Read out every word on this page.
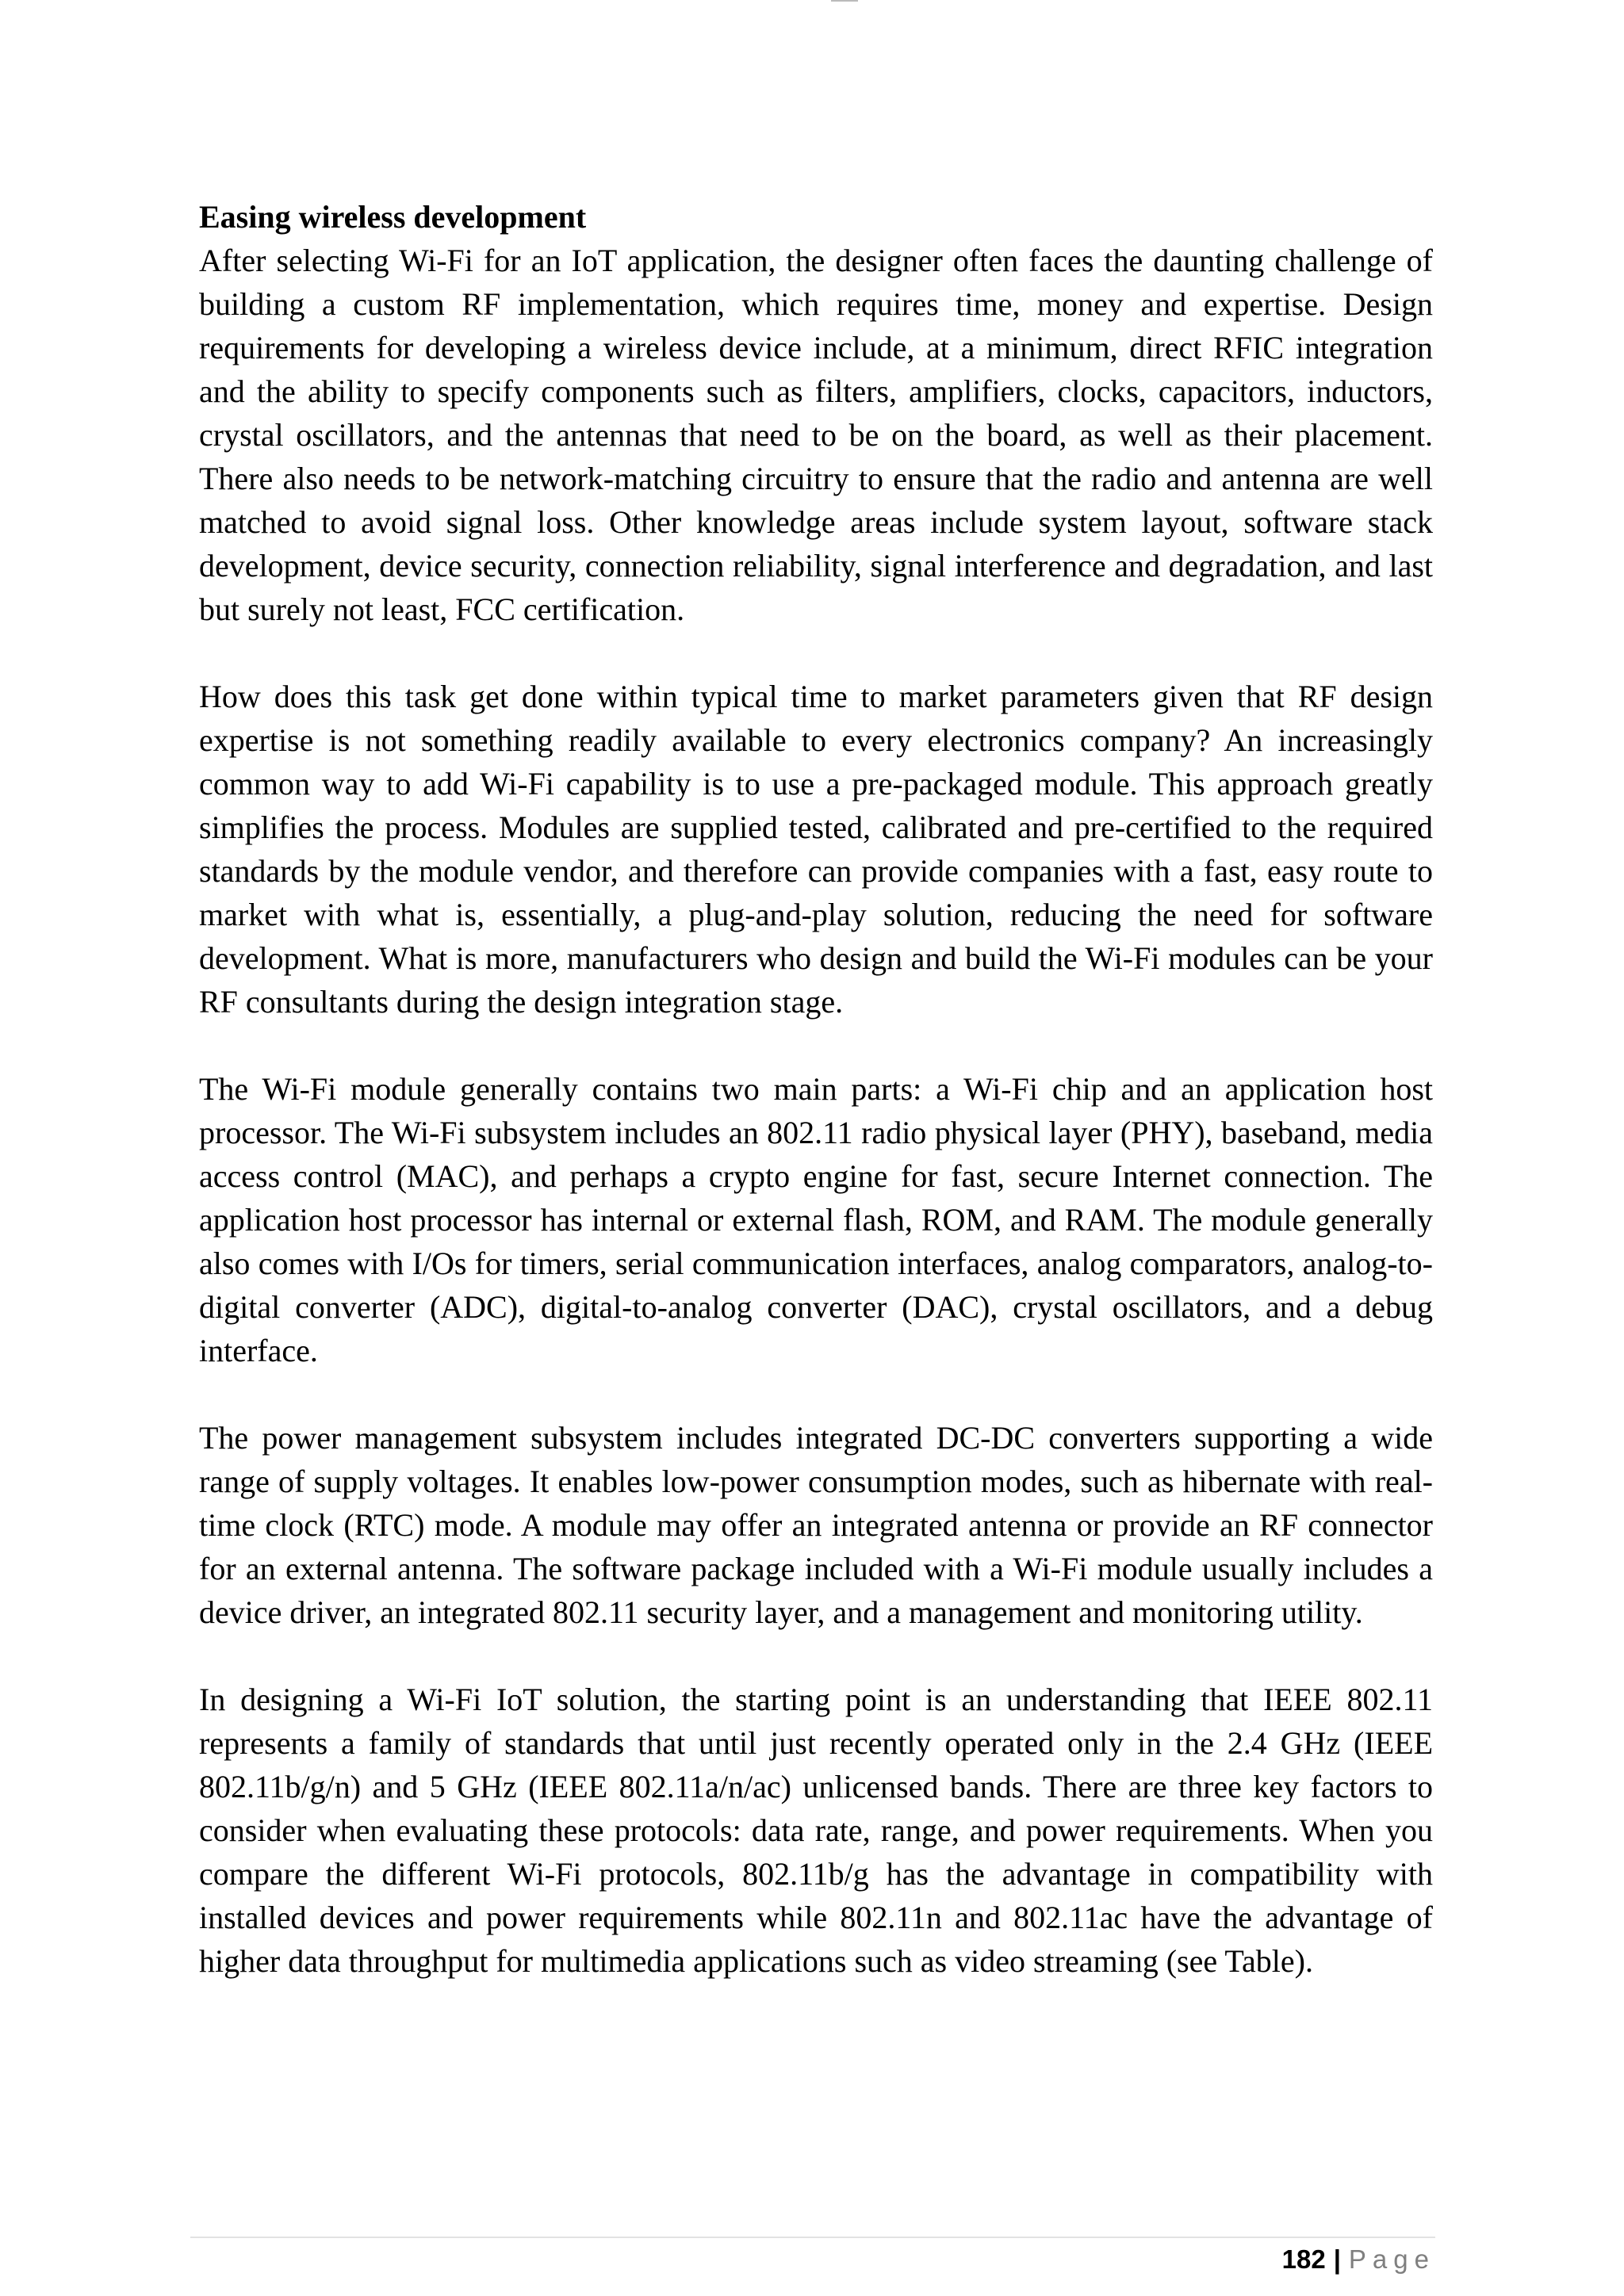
Easing wireless development

After selecting Wi-Fi for an IoT application, the designer often faces the daunting challenge of building a custom RF implementation, which requires time, money and expertise. Design requirements for developing a wireless device include, at a minimum, direct RFIC integration and the ability to specify components such as filters, amplifiers, clocks, capacitors, inductors, crystal oscillators, and the antennas that need to be on the board, as well as their placement. There also needs to be network-matching circuitry to ensure that the radio and antenna are well matched to avoid signal loss. Other knowledge areas include system layout, software stack development, device security, connection reliability, signal interference and degradation, and last but surely not least, FCC certification.

How does this task get done within typical time to market parameters given that RF design expertise is not something readily available to every electronics company? An increasingly common way to add Wi-Fi capability is to use a pre-packaged module. This approach greatly simplifies the process. Modules are supplied tested, calibrated and pre-certified to the required standards by the module vendor, and therefore can provide companies with a fast, easy route to market with what is, essentially, a plug-and-play solution, reducing the need for software development. What is more, manufacturers who design and build the Wi-Fi modules can be your RF consultants during the design integration stage.

The Wi-Fi module generally contains two main parts: a Wi-Fi chip and an application host processor. The Wi-Fi subsystem includes an 802.11 radio physical layer (PHY), baseband, media access control (MAC), and perhaps a crypto engine for fast, secure Internet connection. The application host processor has internal or external flash, ROM, and RAM. The module generally also comes with I/Os for timers, serial communication interfaces, analog comparators, analog-to-digital converter (ADC), digital-to-analog converter (DAC), crystal oscillators, and a debug interface.

The power management subsystem includes integrated DC-DC converters supporting a wide range of supply voltages. It enables low-power consumption modes, such as hibernate with real-time clock (RTC) mode. A module may offer an integrated antenna or provide an RF connector for an external antenna. The software package included with a Wi-Fi module usually includes a device driver, an integrated 802.11 security layer, and a management and monitoring utility.

In designing a Wi-Fi IoT solution, the starting point is an understanding that IEEE 802.11 represents a family of standards that until just recently operated only in the 2.4 GHz (IEEE 802.11b/g/n) and 5 GHz (IEEE 802.11a/n/ac) unlicensed bands. There are three key factors to consider when evaluating these protocols: data rate, range, and power requirements. When you compare the different Wi-Fi protocols, 802.11b/g has the advantage in compatibility with installed devices and power requirements while 802.11n and 802.11ac have the advantage of higher data throughput for multimedia applications such as video streaming (see Table).

182 | Page
